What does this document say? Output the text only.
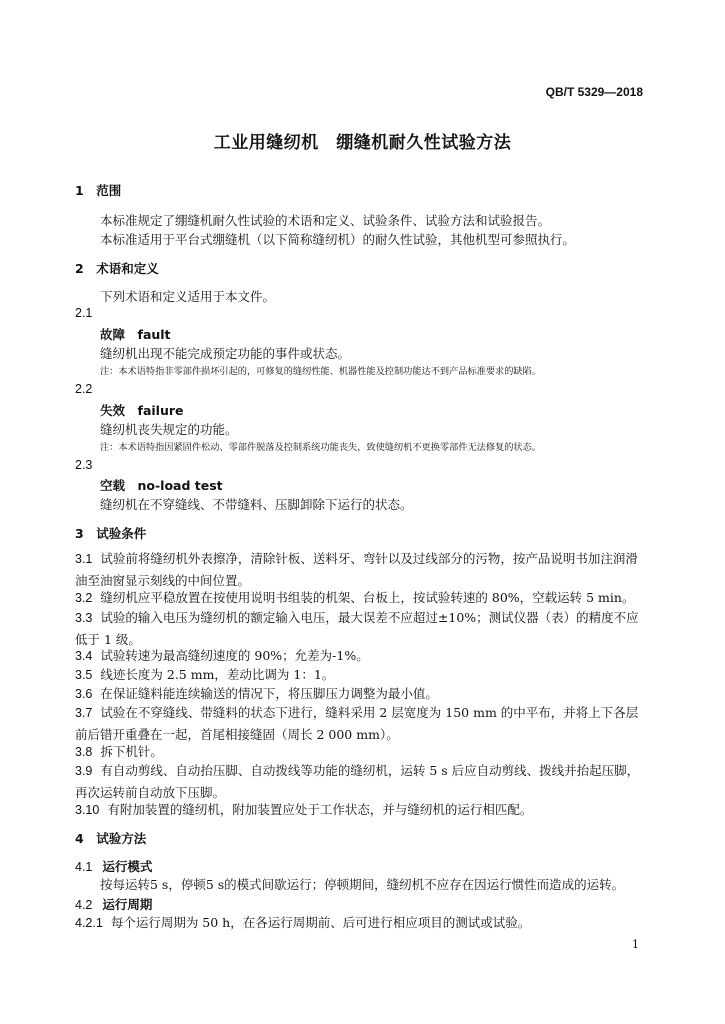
QB/T 5329—2018
工业用缝纫机　绷缝机耐久性试验方法
1　范围
本标准规定了绷缝机耐久性试验的术语和定义、试验条件、试验方法和试验报告。
本标准适用于平台式绷缝机（以下简称缝纫机）的耐久性试验，其他机型可参照执行。
2　术语和定义
下列术语和定义适用于本文件。
2.1
故障　fault
缝纫机出现不能完成预定功能的事件或状态。
注：本术语特指非零部件损坏引起的，可修复的缝纫性能、机器性能及控制功能达不到产品标准要求的缺陷。
2.2
失效　failure
缝纫机丧失规定的功能。
注：本术语特指因紧固件松动、零部件脱落及控制系统功能丧失，致使缝纫机不更换零部件无法修复的状态。
2.3
空载　no-load test
缝纫机在不穿缝线、不带缝料、压脚卸除下运行的状态。
3　试验条件
3.1 试验前将缝纫机外表擦净，清除针板、送料牙、弯针以及过线部分的污物，按产品说明书加注润滑油至油窗显示刻线的中间位置。
3.2 缝纫机应平稳放置在按使用说明书组装的机架、台板上，按试验转速的 80%，空载运转 5 min。
3.3 试验的输入电压为缝纫机的额定输入电压，最大误差不应超过±10%；测试仪器（表）的精度不应低于 1 级。
3.4 试验转速为最高缝纫速度的 90%；允差为-1%。
3.5 线迹长度为 2.5 mm，差动比调为 1：1。
3.6 在保证缝料能连续输送的情况下，将压脚压力调整为最小值。
3.7 试验在不穿缝线、带缝料的状态下进行，缝料采用 2 层宽度为 150 mm 的中平布，并将上下各层前后错开重叠在一起，首尾相接缝固（周长 2 000 mm）。
3.8 拆下机针。
3.9 有自动剪线、自动抬压脚、自动拨线等功能的缝纫机，运转 5 s 后应自动剪线、拨线并抬起压脚，再次运转前自动放下压脚。
3.10 有附加装置的缝纫机，附加装置应处于工作状态，并与缝纫机的运行相匹配。
4　试验方法
4.1 运行模式
按每运转5 s，停顿5 s的模式间歇运行；停顿期间，缝纫机不应存在因运行惯性而造成的运转。
4.2 运行周期
4.2.1 每个运行周期为 50 h，在各运行周期前、后可进行相应项目的测试或试验。
1
